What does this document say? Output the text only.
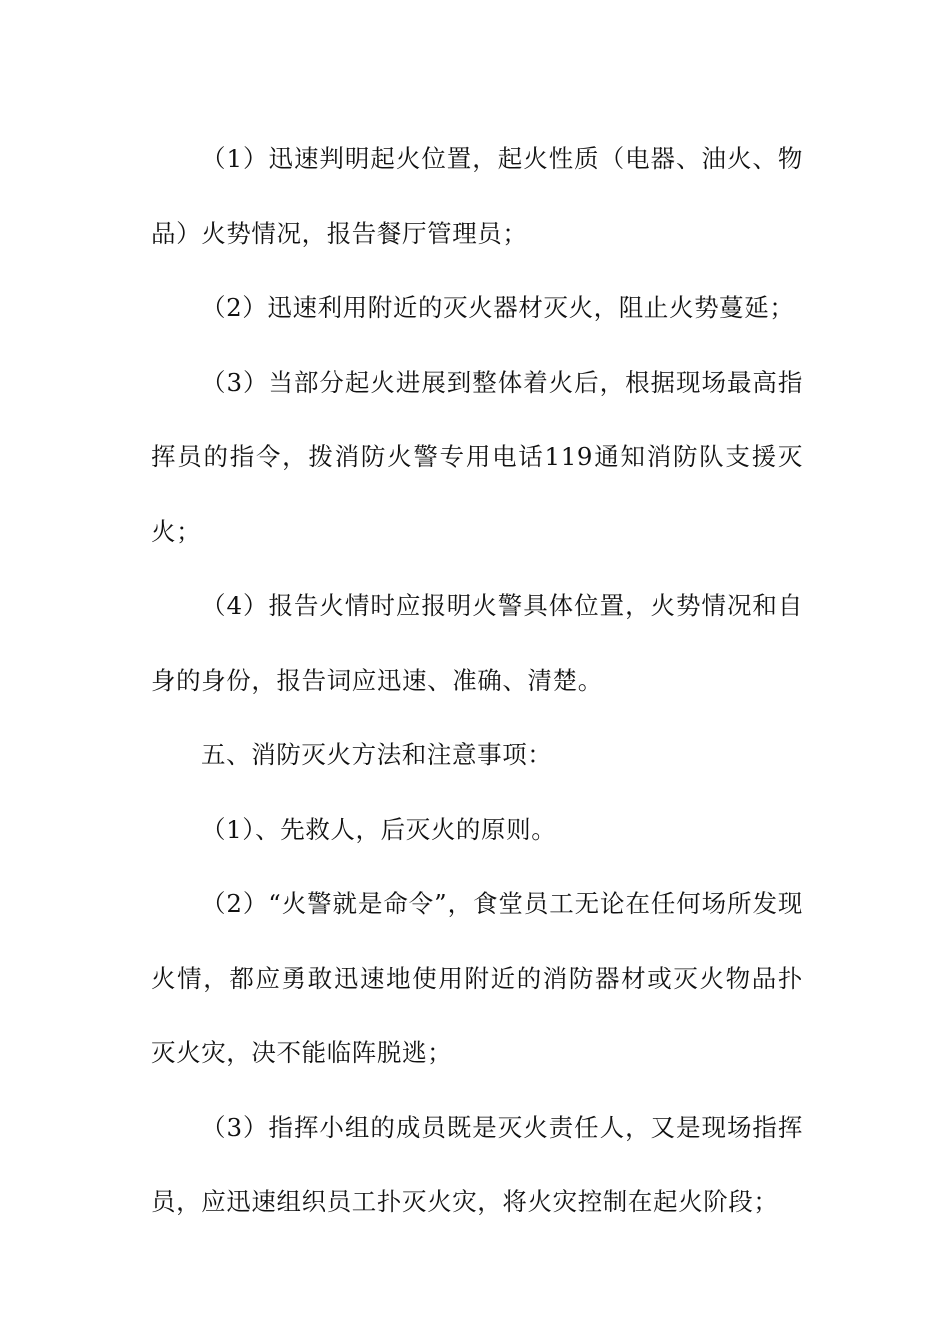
（1）迅速判明起火位置，起火性质（电器、油火、物品）火势情况，报告餐厅管理员；

（2）迅速利用附近的灭火器材灭火，阻止火势蔓延；

（3）当部分起火进展到整体着火后，根据现场最高指挥员的指令，拨消防火警专用电话119通知消防队支援灭火；

（4）报告火情时应报明火警具体位置，火势情况和自身的身份，报告词应迅速、准确、清楚。

五、消防灭火方法和注意事项：

（1）、先救人，后灭火的原则。

（2）“火警就是命令”，食堂员工无论在任何场所发现火情，都应勇敢迅速地使用附近的消防器材或灭火物品扑灭火灾，决不能临阵脱逃；

（3）指挥小组的成员既是灭火责任人，又是现场指挥员，应迅速组织员工扑灭火灾，将火灾控制在起火阶段；
